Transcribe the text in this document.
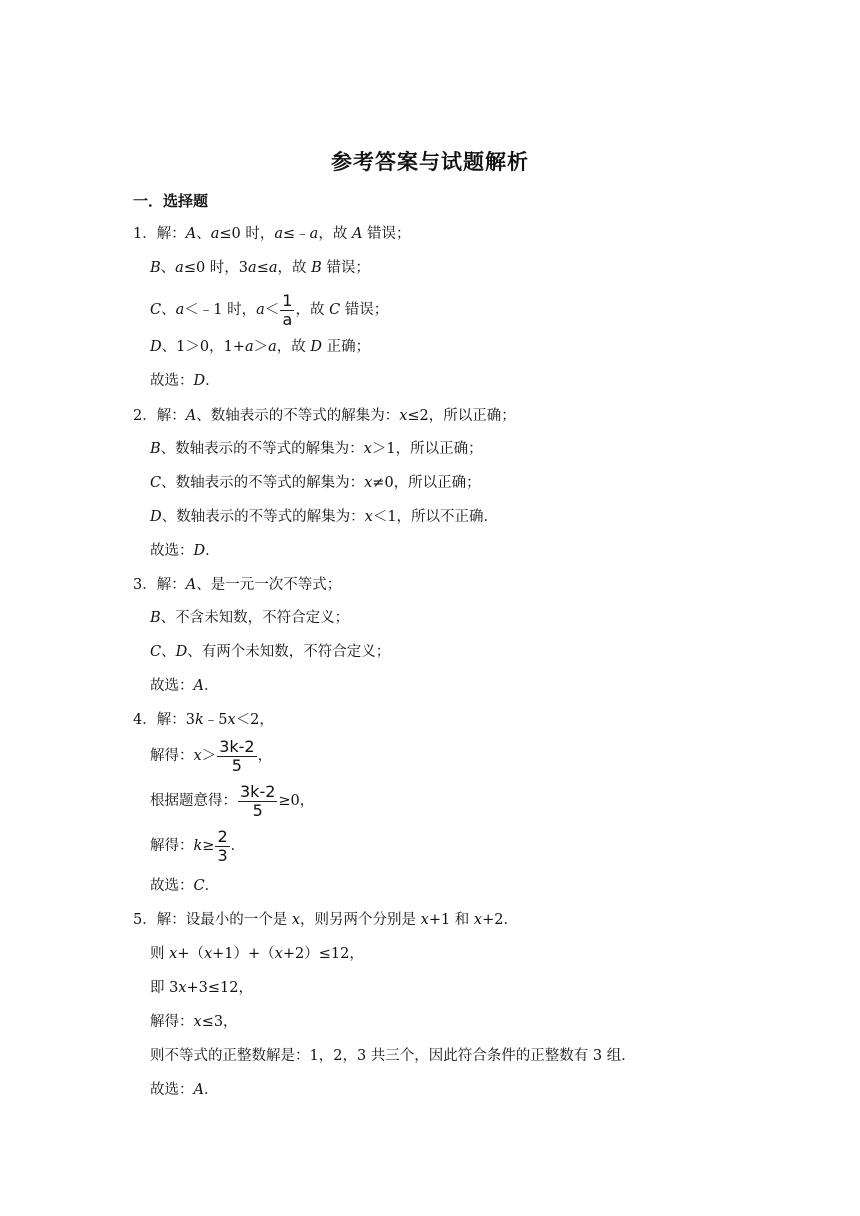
参考答案与试题解析
一．选择题
1．解：A、a≤0 时，a≤﹣a，故 A 错误；
B、a≤0 时，3a≤a，故 B 错误；
C、a＜﹣1 时，$a< \frac{1}{a}$ ，故 C 错误；
D、1＞0，1+a＞a，故 D 正确；
故选：D．
2．解：A、数轴表示的不等式的解集为：x≤2，所以正确；
B、数轴表示的不等式的解集为：x＞1，所以正确；
C、数轴表示的不等式的解集为：x≠0，所以正确；
D、数轴表示的不等式的解集为：x＜1，所以不正确．
故选：D．
3．解：A、是一元一次不等式；
B、不含未知数，不符合定义；
C、D、有两个未知数，不符合定义；
故选：A．
4．解：3k﹣5x＜2，
解得：$x> \frac{3k-2}{5}$ ，
根据题意得： $\frac{3k-2}{5} \ge 0$，
解得：$k\ge \frac{2}{3}$ ．
故选：C．
5．解：设最小的一个是 x，则另两个分别是 x+1 和 x+2．
则 x+（x+1）+（x+2）≤12，
即 3x+3≤12，
解得：x≤3，
则不等式的正整数解是：1，2，3 共三个，因此符合条件的正整数有 3 组．
故选：A．
